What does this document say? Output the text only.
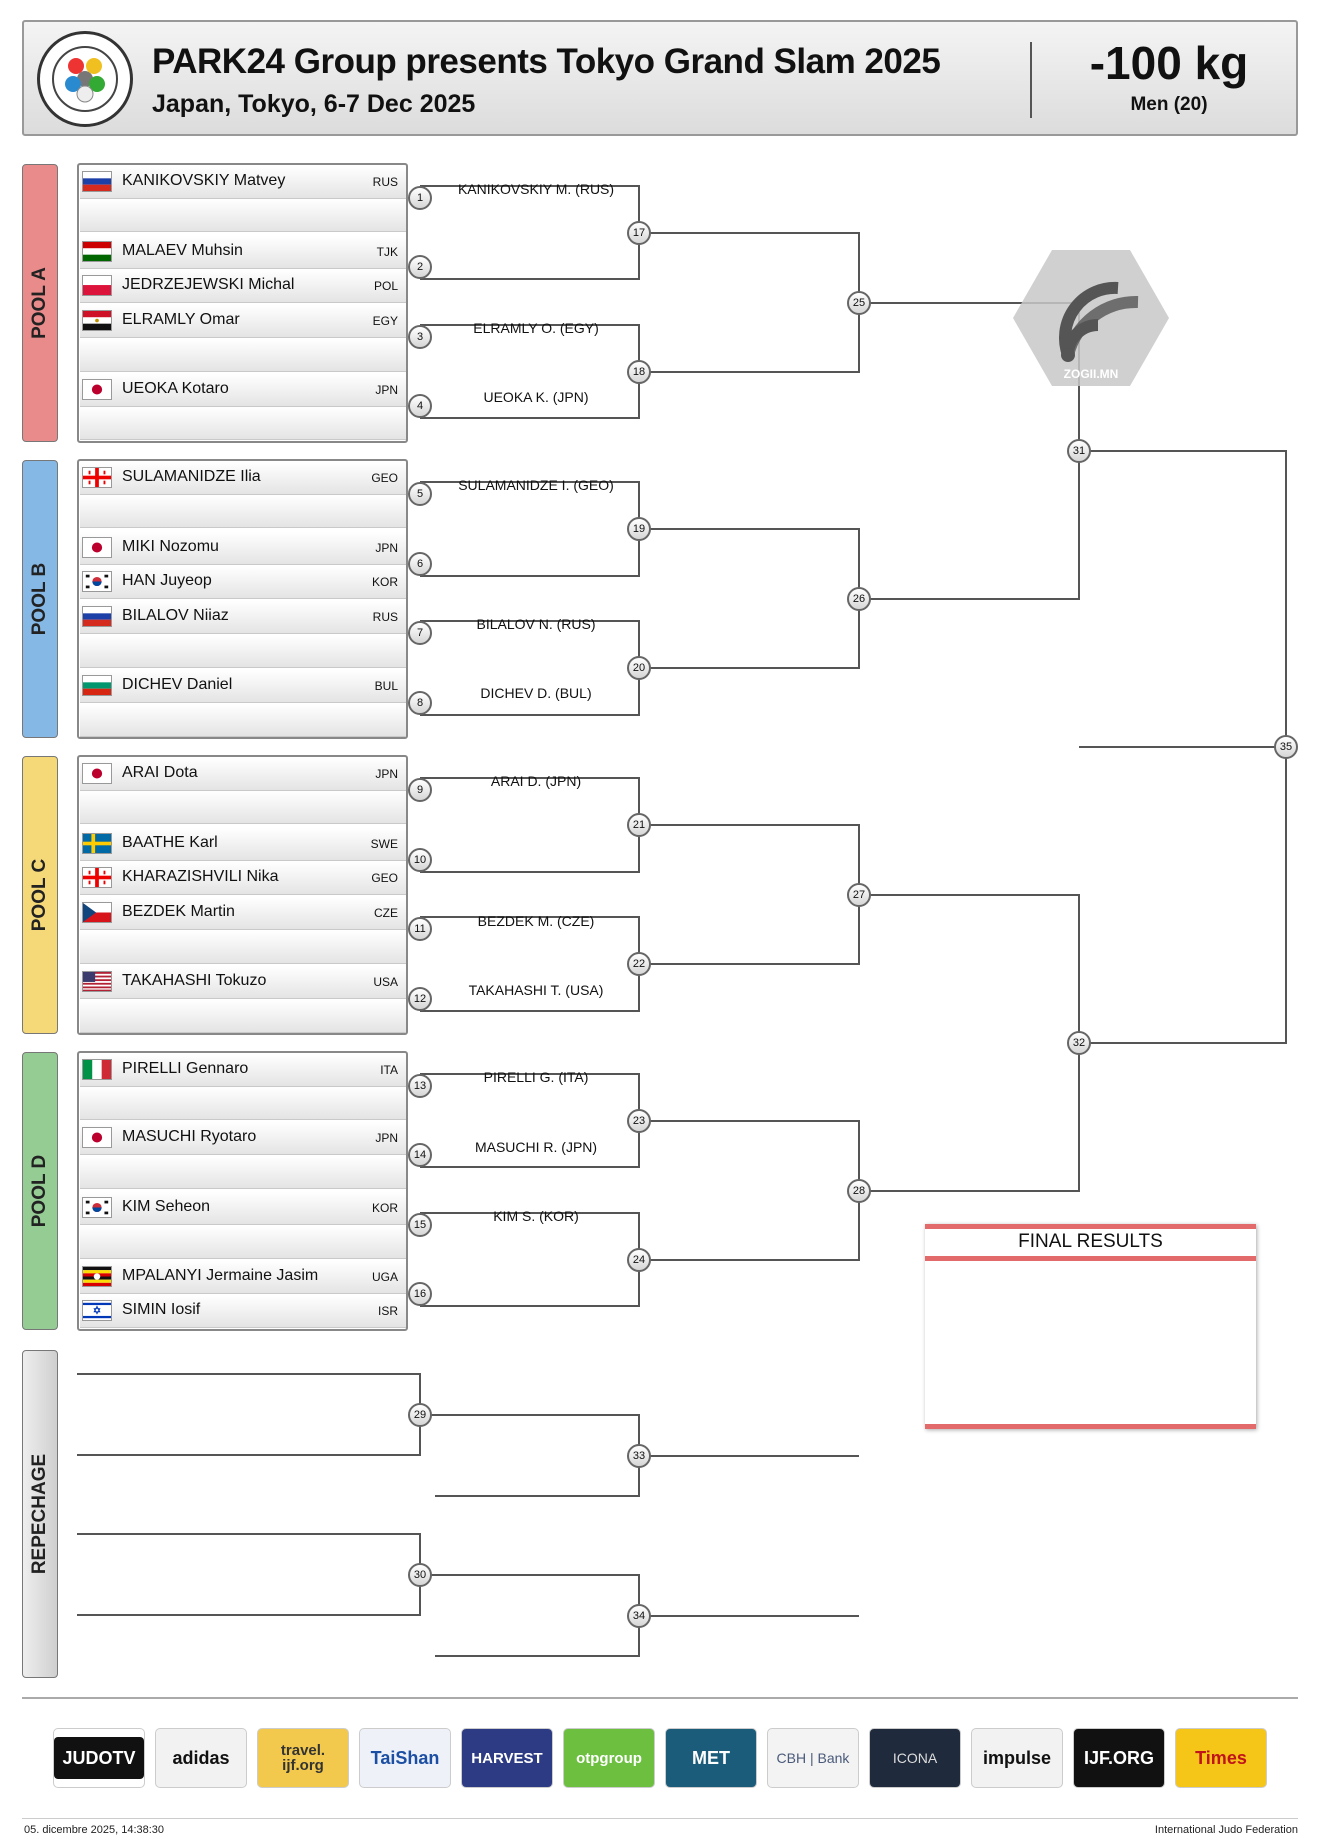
PARK24 Group presents Tokyo Grand Slam 2025
Japan, Tokyo, 6-7 Dec 2025
-100 kg
Men (20)
POOL A
POOL B
POOL C
POOL D
REPECHAGE
KANIKOVSKIY Matvey	RUS
MALAEV Muhsin	TJK
JEDRZEJEWSKI Michal	POL
ELRAMLY Omar	EGY
UEOKA Kotaro	JPN
SULAMANIDZE Ilia	GEO
MIKI Nozomu	JPN
HAN Juyeop	KOR
BILALOV Niiaz	RUS
DICHEV Daniel	BUL
ARAI Dota	JPN
BAATHE Karl	SWE
KHARAZISHVILI Nika	GEO
BEZDEK Martin	CZE
TAKAHASHI Tokuzo	USA
PIRELLI Gennaro	ITA
MASUCHI Ryotaro	JPN
KIM Seheon	KOR
MPALANYI Jermaine Jasim	UGA
SIMIN Iosif	ISR
ZOGII.MN
FINAL RESULTS
JUDOTV	adidas	travel. ijf.org	TaiShan HARVEST otpgroup	MET	CBH | Bank	ICONA	impulse IJF.ORG Times
05. dicembre 2025, 14:38:30	International Judo Federation
1
2
3
4
5
6
7
8
9
10
11
12
13
14
15
16
17
18
19
20
21
22
23
24
25
26
27
28
29
30
31
32
33
34
35
KANIKOVSKIY M. (RUS)
ELRAMLY O. (EGY)
UEOKA K. (JPN)
SULAMANIDZE I. (GEO)
BILALOV N. (RUS)
DICHEV D. (BUL)
ARAI D. (JPN)
BEZDEK M. (CZE)
TAKAHASHI T. (USA)
PIRELLI G. (ITA)
MASUCHI R. (JPN)
KIM S. (KOR)
